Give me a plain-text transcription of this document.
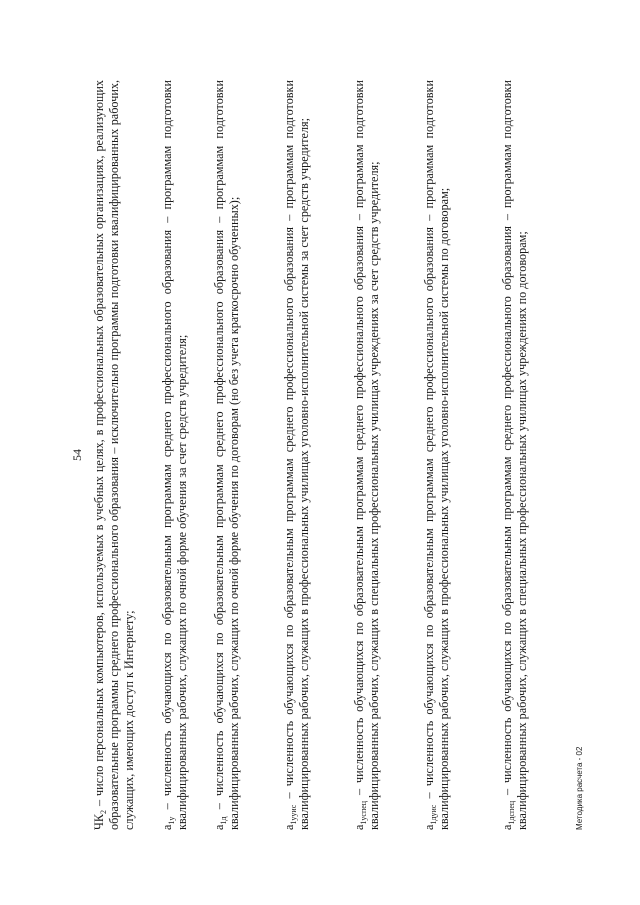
54
$ЧК_2$ – число персональных компьютеров, используемых в учебных целях, в профессиональных образовательных организациях, реализующих образовательные программы среднего профессионального образования – исключительно программы подготовки квалифицированных рабочих, служащих, имеющих доступ к Интернету; $a_{1у}$ – численность обучающихся по образовательным программам среднего профессионального образования – программам подготовки квалифицированных рабочих, служащих по очной форме обучения за счет средств учредителя; $a_{1д}$ – численность обучающихся по образовательным программам среднего профессионального образования – программам подготовки квалифицированных рабочих, служащих по очной форме обучения по договорам (но без учета краткосрочно обученных);	$a_{1ууис}$ – численность обучающихся по образовательным программам среднего профессионального образования – программам подготовки квалифицированных рабочих, служащих в профессиональных училищах уголовно-исполнительной системы за счет средств учредителя;	$a_{1успец}$ – численность обучающихся по образовательным программам среднего профессионального образования – программам подготовки квалифицированных рабочих, служащих в специальных профессиональных училищах учреждениях за счет средств учредителя;	$a_{1дуис}$ – численность обучающихся по образовательным программам среднего профессионального образования – программам подготовки квалифицированных рабочих, служащих в профессиональных училищах уголовно-исполнительной системы по договорам;	$a_{1дспец}$ – численность обучающихся по образовательным программам среднего профессионального образования – программам подготовки квалифицированных рабочих, служащих в специальных профессиональных училищах учреждениях по договорам;	Методика расчета - 02
